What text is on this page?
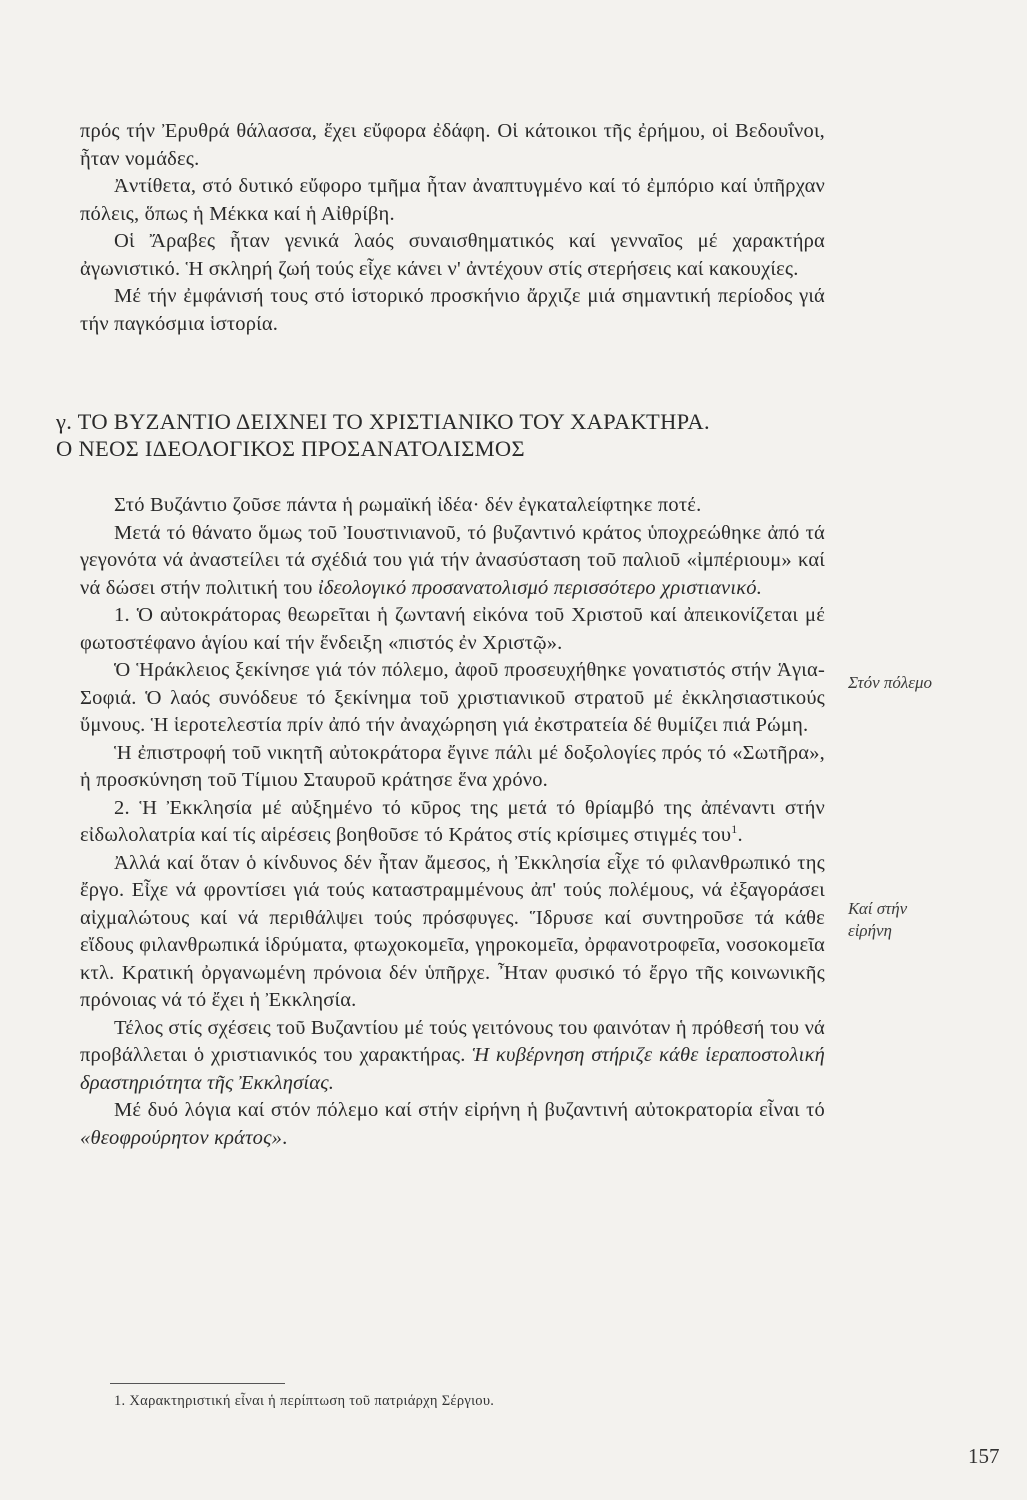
πρός τήν Ἐρυθρά θάλασσα, ἔχει εὔφορα ἐδάφη. Οἱ κάτοικοι τῆς ἐρήμου, οἱ Βεδουΐνοι, ἦταν νομάδες.

Ἀντίθετα, στό δυτικό εὔφορο τμῆμα ἦταν ἀναπτυγμένο καί τό ἐμπόριο καί ὑπῆρχαν πόλεις, ὅπως ἡ Μέκκα καί ἡ Αἰθρίβη.

Οἱ Ἄραβες ἦταν γενικά λαός συναισθηματικός καί γενναῖος μέ χαρακτήρα ἀγωνιστικό. Ἡ σκληρή ζωή τούς εἶχε κάνει ν' ἀντέχουν στίς στερήσεις καί κακουχίες.

Μέ τήν ἐμφάνισή τους στό ἱστορικό προσκήνιο ἄρχιζε μιά σημαντική περίοδος γιά τήν παγκόσμια ἱστορία.

γ. ΤΟ ΒΥΖΑΝΤΙΟ ΔΕΙΧΝΕΙ ΤΟ ΧΡΙΣΤΙΑΝΙΚΟ ΤΟΥ ΧΑΡΑΚΤΗΡΑ.
Ο ΝΕΟΣ ΙΔΕΟΛΟΓΙΚΟΣ ΠΡΟΣΑΝΑΤΟΛΙΣΜΟΣ

Στό Βυζάντιο ζοῦσε πάντα ἡ ρωμαϊκή ἰδέα· δέν ἐγκαταλείφτηκε ποτέ.

Μετά τό θάνατο ὅμως τοῦ Ἰουστινιανοῦ, τό βυζαντινό κράτος ὑποχρεώθηκε ἀπό τά γεγονότα νά ἀναστείλει τά σχέδιά του γιά τήν ἀνασύσταση τοῦ παλιοῦ «ἰμπέριουμ» καί νά δώσει στήν πολιτική του ἰδεολογικό προσανατολισμό περισσότερο χριστιανικό.

1. Ὁ αὐτοκράτορας θεωρεῖται ἡ ζωντανή εἰκόνα τοῦ Χριστοῦ καί ἀπεικονίζεται μέ φωτοστέφανο ἁγίου καί τήν ἔνδειξη «πιστός ἐν Χριστῷ».

Ὁ Ἡράκλειος ξεκίνησε γιά τόν πόλεμο, ἀφοῦ προσευχήθηκε γονατιστός στήν Ἁγια-Σοφιά. Ὁ λαός συνόδευε τό ξεκίνημα τοῦ χριστιανικοῦ στρατοῦ μέ ἐκκλησιαστικούς ὕμνους. Ἡ ἱεροτελεστία πρίν ἀπό τήν ἀναχώρηση γιά ἐκστρατεία δέ θυμίζει πιά Ρώμη.

Ἡ ἐπιστροφή τοῦ νικητῆ αὐτοκράτορα ἔγινε πάλι μέ δοξολογίες πρός τό «Σωτῆρα», ἡ προσκύνηση τοῦ Τίμιου Σταυροῦ κράτησε ἕνα χρόνο.

2. Ἡ Ἐκκλησία μέ αὐξημένο τό κῦρος της μετά τό θρίαμβό της ἀπέναντι στήν εἰδωλολατρία καί τίς αἱρέσεις βοηθοῦσε τό Κράτος στίς κρίσιμες στιγμές του$^1$.

Ἀλλά καί ὅταν ὁ κίνδυνος δέν ἦταν ἄμεσος, ἡ Ἐκκλησία εἶχε τό φιλανθρωπικό της ἔργο. Εἶχε νά φροντίσει γιά τούς καταστραμμένους ἀπ' τούς πολέμους, νά ἐξαγοράσει αἰχμαλώτους καί νά περιθάλψει τούς πρόσφυγες. Ἵδρυσε καί συντηροῦσε τά κάθε εἴδους φιλανθρωπικά ἱδρύματα, φτωχοκομεῖα, γηροκομεῖα, ὀρφανοτροφεῖα, νοσοκομεῖα κτλ. Κρατική ὀργανωμένη πρόνοια δέν ὑπῆρχε. Ἦταν φυσικό τό ἔργο τῆς κοινωνικῆς πρόνοιας νά τό ἔχει ἡ Ἐκκλησία.

Τέλος στίς σχέσεις τοῦ Βυζαντίου μέ τούς γειτόνους του φαινόταν ἡ πρόθεσή του νά προβάλλεται ὁ χριστιανικός του χαρακτήρας. Ἡ κυβέρνηση στήριζε κάθε ἱεραποστολική δραστηριότητα τῆς Ἐκκλησίας.

Μέ δυό λόγια καί στόν πόλεμο καί στήν εἰρήνη ἡ βυζαντινή αὐτοκρατορία εἶναι τό «θεοφρούρητον κράτος».

Στόν πόλεμο
Καί στήν
εἰρήνη
1. Χαρακτηριστική εἶναι ἡ περίπτωση τοῦ πατριάρχη Σέργιου.
157
